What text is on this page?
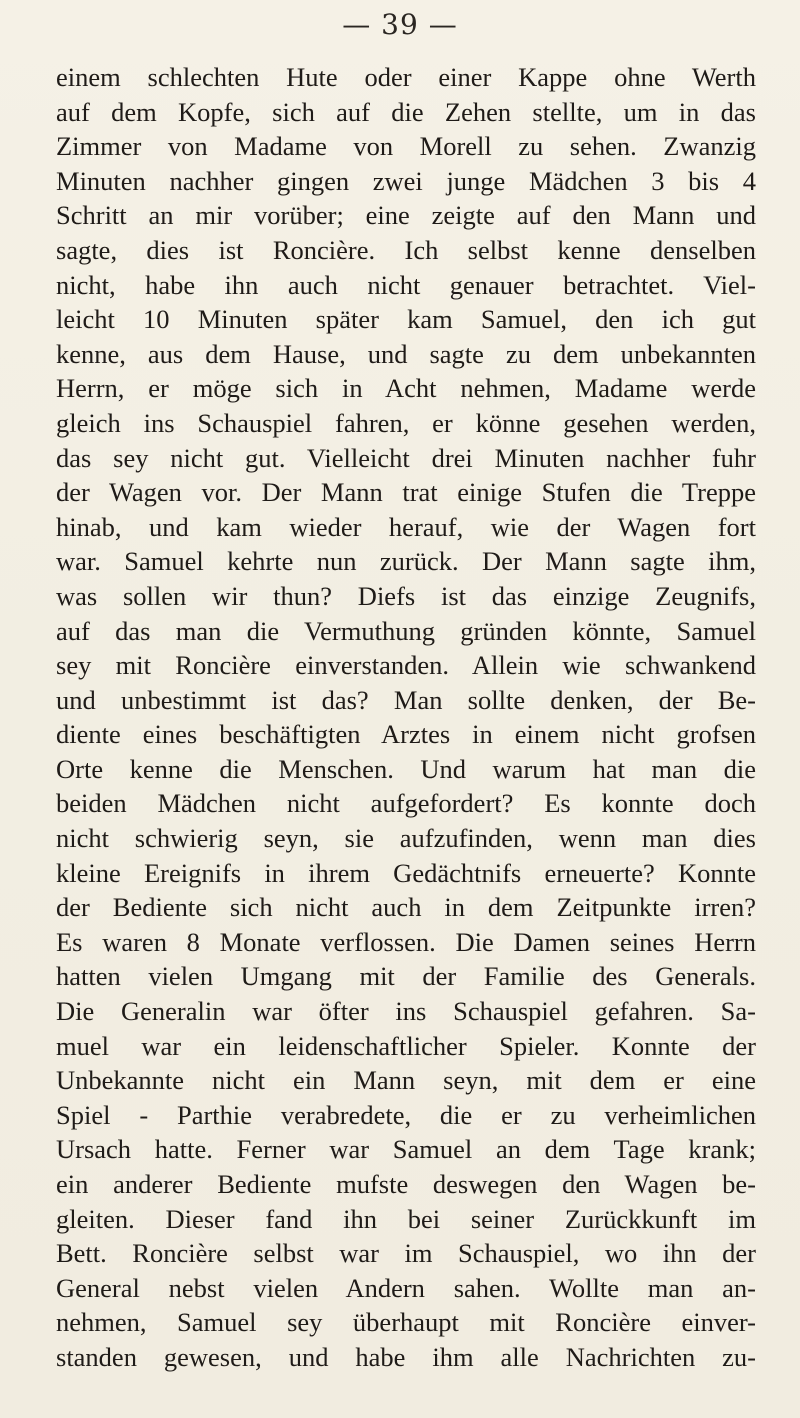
— 39 —
einem schlechten Hute oder einer Kappe ohne Werth
auf dem Kopfe, sich auf die Zehen stellte, um in das
Zimmer von Madame von Morell zu sehen. Zwanzig
Minuten nachher gingen zwei junge Mädchen 3 bis 4
Schritt an mir vorüber; eine zeigte auf den Mann und
sagte, dies ist Roncière. Ich selbst kenne denselben
nicht, habe ihn auch nicht genauer betrachtet. Viel-
leicht 10 Minuten später kam Samuel, den ich gut
kenne, aus dem Hause, und sagte zu dem unbekannten
Herrn, er möge sich in Acht nehmen, Madame werde
gleich ins Schauspiel fahren, er könne gesehen werden,
das sey nicht gut. Vielleicht drei Minuten nachher fuhr
der Wagen vor. Der Mann trat einige Stufen die Treppe
hinab, und kam wieder herauf, wie der Wagen fort
war. Samuel kehrte nun zurück. Der Mann sagte ihm,
was sollen wir thun? Diefs ist das einzige Zeugnifs,
auf das man die Vermuthung gründen könnte, Samuel
sey mit Roncière einverstanden. Allein wie schwankend
und unbestimmt ist das? Man sollte denken, der Be-
diente eines beschäftigten Arztes in einem nicht grofsen
Orte kenne die Menschen. Und warum hat man die
beiden Mädchen nicht aufgefordert? Es konnte doch
nicht schwierig seyn, sie aufzufinden, wenn man dies
kleine Ereignifs in ihrem Gedächtnifs erneuerte? Konnte
der Bediente sich nicht auch in dem Zeitpunkte irren?
Es waren 8 Monate verflossen. Die Damen seines Herrn
hatten vielen Umgang mit der Familie des Generals.
Die Generalin war öfter ins Schauspiel gefahren. Sa-
muel war ein leidenschaftlicher Spieler. Konnte der
Unbekannte nicht ein Mann seyn, mit dem er eine
Spiel - Parthie verabredete, die er zu verheimlichen
Ursach hatte. Ferner war Samuel an dem Tage krank;
ein anderer Bediente mufste deswegen den Wagen be-
gleiten. Dieser fand ihn bei seiner Zurückkunft im
Bett. Roncière selbst war im Schauspiel, wo ihn der
General nebst vielen Andern sahen. Wollte man an-
nehmen, Samuel sey überhaupt mit Roncière einver-
standen gewesen, und habe ihm alle Nachrichten zu-
